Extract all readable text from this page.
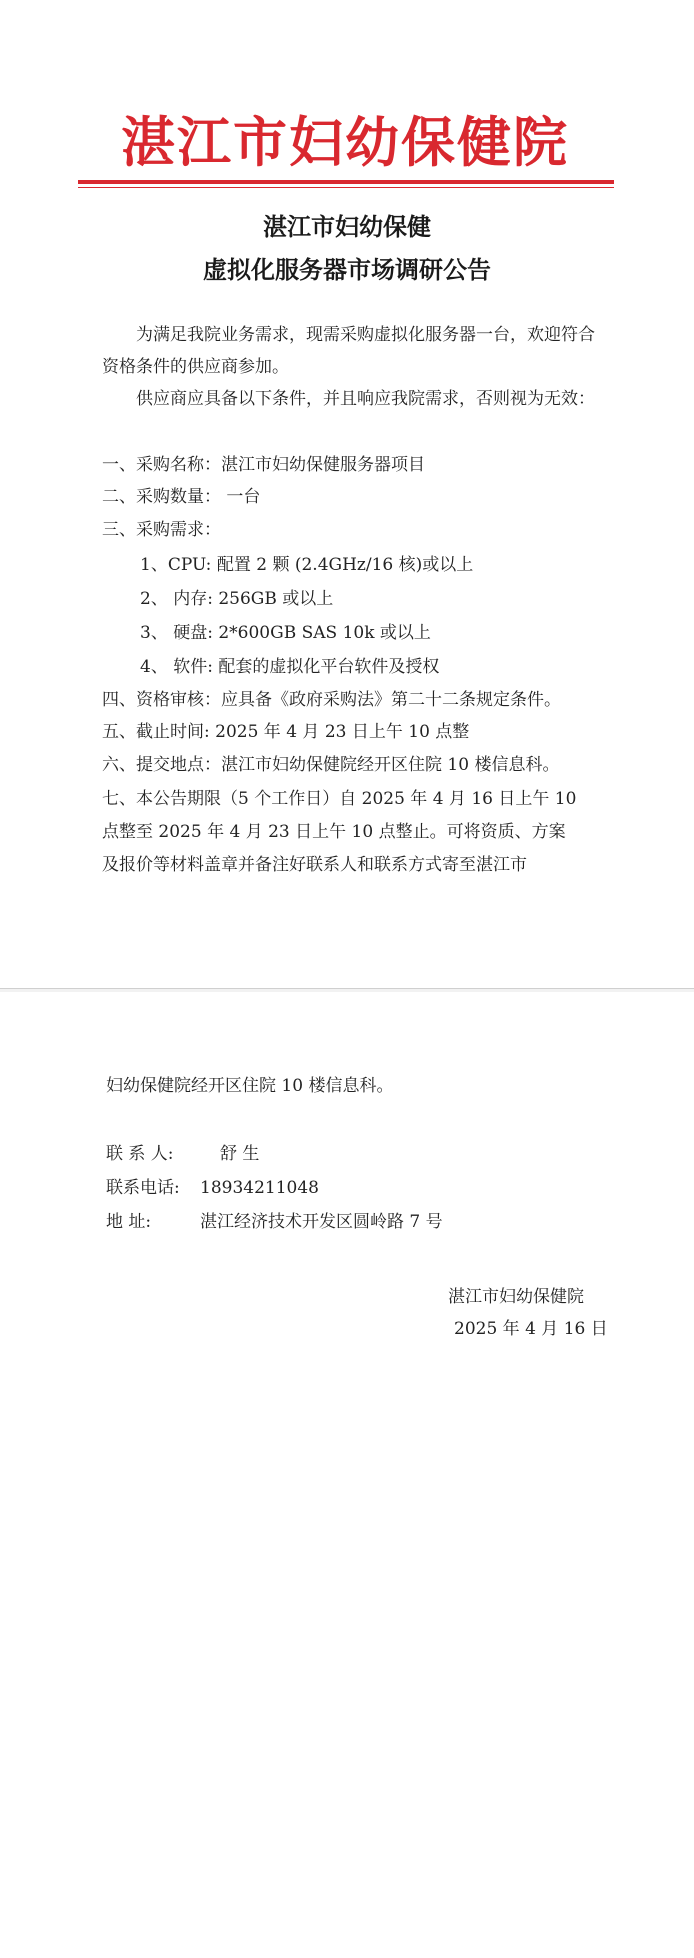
湛江市妇幼保健院
湛江市妇幼保健
虚拟化服务器市场调研公告
为满足我院业务需求，现需采购虚拟化服务器一台，欢迎符合资格条件的供应商参加。
供应商应具备以下条件，并且响应我院需求，否则视为无效：
一、采购名称：湛江市妇幼保健服务器项目
二、采购数量： 一台
三、采购需求：
1、CPU: 配置 2 颗 (2.4GHz/16 核)或以上
2、 内存: 256GB 或以上
3、 硬盘: 2*600GB SAS 10k 或以上
4、 软件: 配套的虚拟化平台软件及授权
四、资格审核：应具备《政府采购法》第二十二条规定条件。
五、截止时间: 2025 年 4 月 23 日上午 10 点整
六、提交地点：湛江市妇幼保健院经开区住院 10 楼信息科。
七、本公告期限（5 个工作日）自 2025 年 4 月 16 日上午 10
点整至 2025 年 4 月 23 日上午 10 点整止。可将资质、方案
及报价等材料盖章并备注好联系人和联系方式寄至湛江市
妇幼保健院经开区住院 10 楼信息科。
联 系 人:	舒 生
联系电话: 18934211048
地 址:	湛江经济技术开发区圆岭路 7 号
湛江市妇幼保健院
2025 年 4 月 16 日
